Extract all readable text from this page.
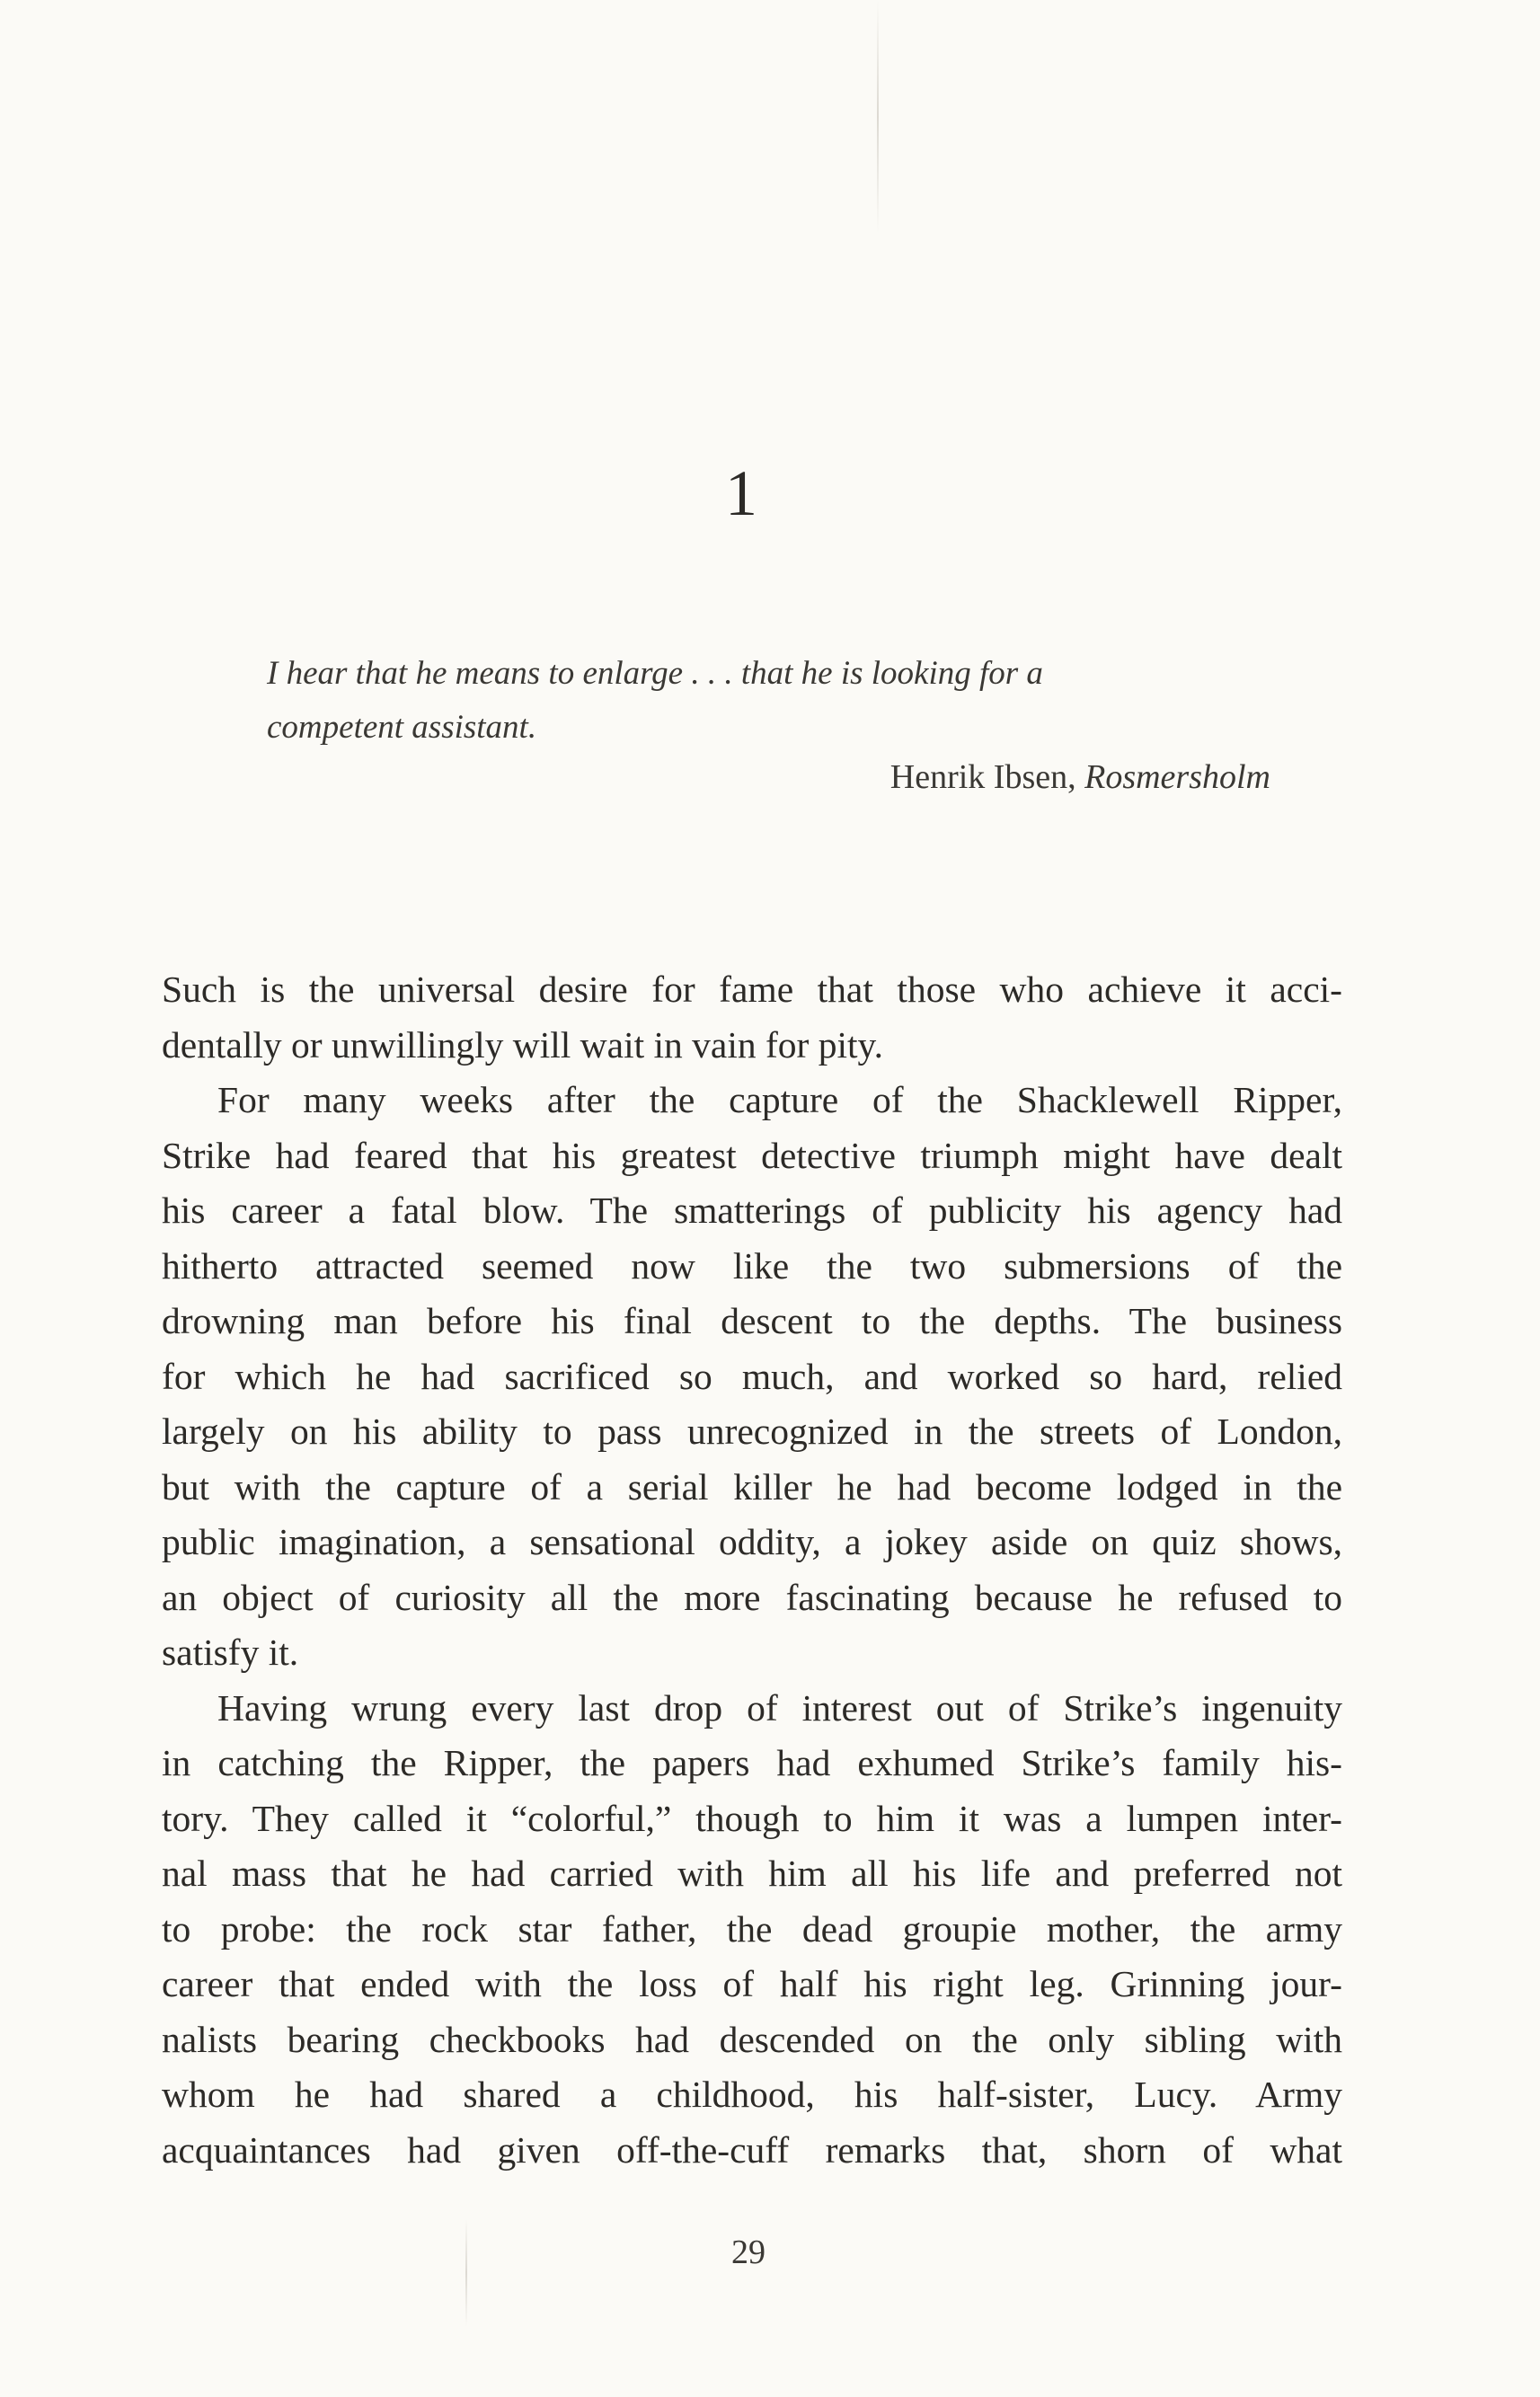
1
I hear that he means to enlarge . . . that he is looking for a
competent assistant.
Henrik Ibsen, Rosmersholm
Such is the universal desire for fame that those who achieve it acci-
dentally or unwillingly will wait in vain for pity.
For many weeks after the capture of the Shacklewell Ripper,
Strike had feared that his greatest detective triumph might have dealt
his career a fatal blow. The smatterings of publicity his agency had
hitherto attracted seemed now like the two submersions of the
drowning man before his final descent to the depths. The business
for which he had sacrificed so much, and worked so hard, relied
largely on his ability to pass unrecognized in the streets of London,
but with the capture of a serial killer he had become lodged in the
public imagination, a sensational oddity, a jokey aside on quiz shows,
an object of curiosity all the more fascinating because he refused to
satisfy it.
Having wrung every last drop of interest out of Strike’s ingenuity
in catching the Ripper, the papers had exhumed Strike’s family his-
tory. They called it “colorful,” though to him it was a lumpen inter-
nal mass that he had carried with him all his life and preferred not
to probe: the rock star father, the dead groupie mother, the army
career that ended with the loss of half his right leg. Grinning jour-
nalists bearing checkbooks had descended on the only sibling with
whom he had shared a childhood, his half-sister, Lucy. Army
acquaintances had given off-the-cuff remarks that, shorn of what
29
